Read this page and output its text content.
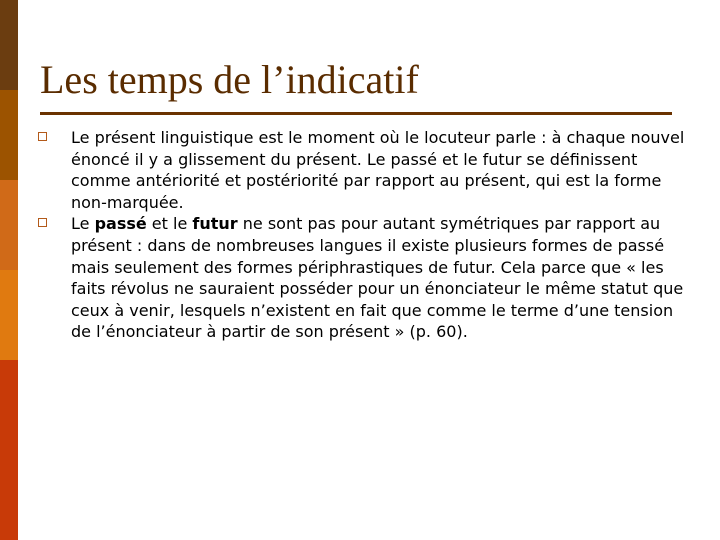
Les temps de l’indicatif
Le présent linguistique est le moment où le locuteur parle : à chaque nouvel énoncé il y a glissement du présent. Le passé et le futur se définissent comme antériorité et postériorité par rapport au présent, qui est la forme non-marquée.
Le passé et le futur ne sont pas pour autant symétriques par rapport au présent : dans de nombreuses langues il existe plusieurs formes de passé mais seulement des formes périphrastiques de futur. Cela parce que « les faits révolus ne sauraient posséder pour un énonciateur le même statut que ceux à venir, lesquels n’existent en fait que comme le terme d’une tension de l’énonciateur à partir de son présent » (p. 60).
